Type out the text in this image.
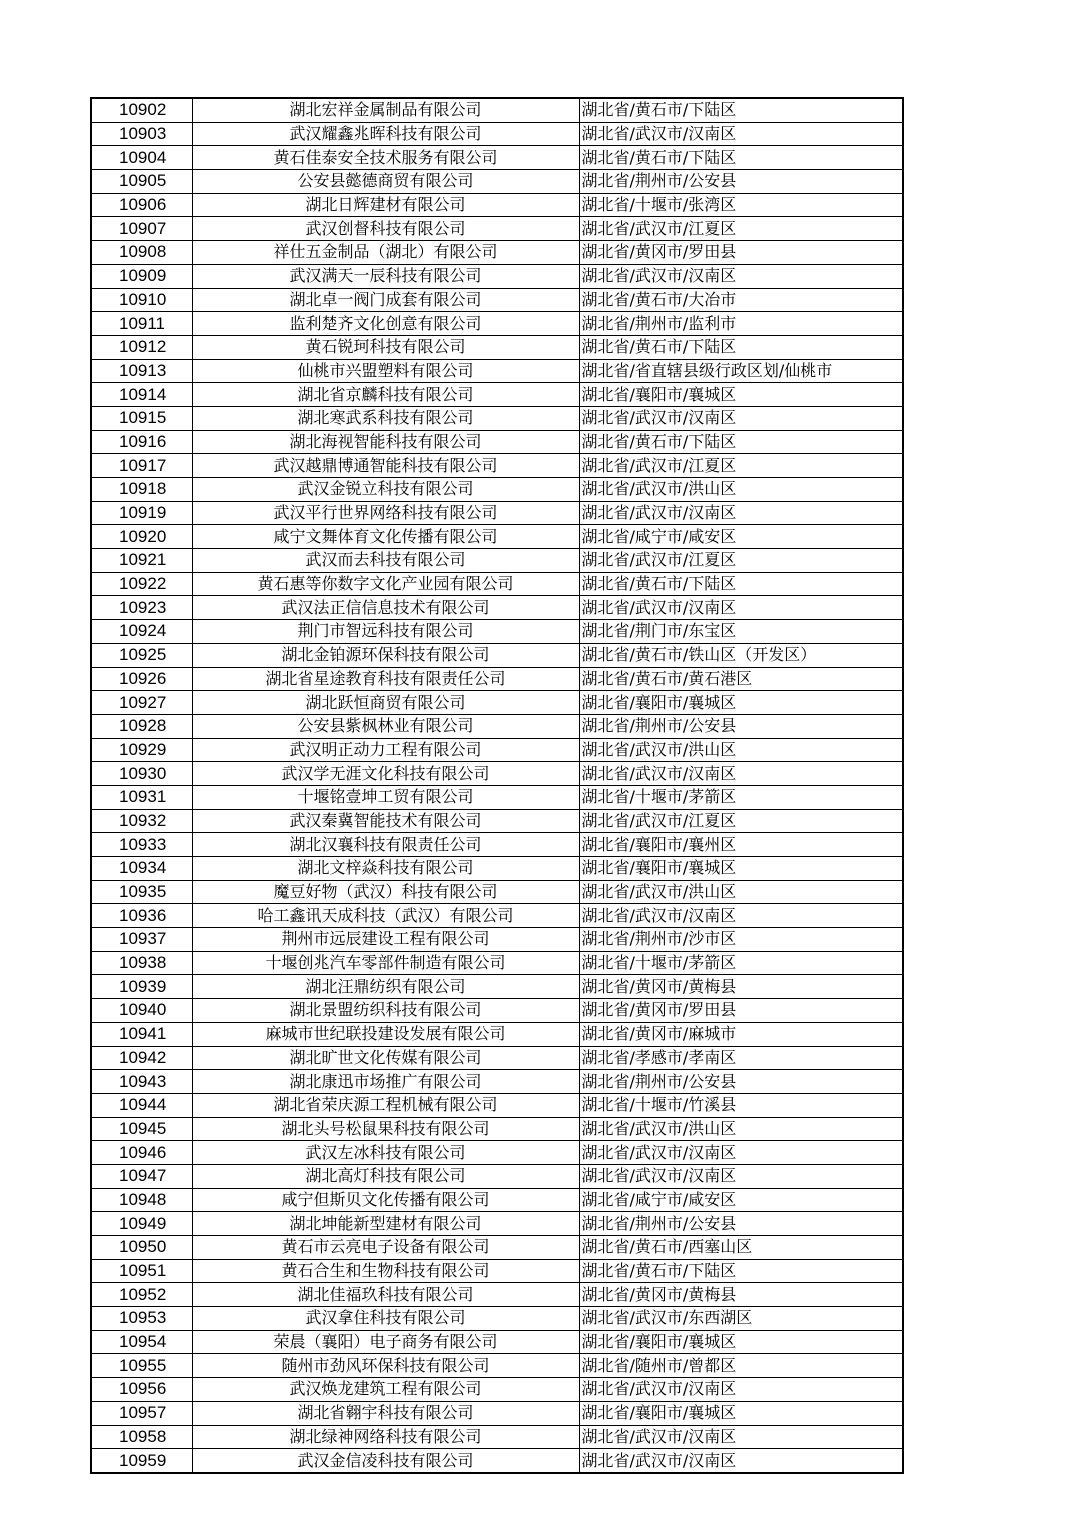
10902	湖北宏祥金属制品有限公司	湖北省/黄石市/下陆区
10903	武汉耀鑫兆晖科技有限公司	湖北省/武汉市/汉南区
10904	黄石佳泰安全技术服务有限公司	湖北省/黄石市/下陆区
10905	公安县懿德商贸有限公司	湖北省/荆州市/公安县
10906	湖北日辉建材有限公司	湖北省/十堰市/张湾区
10907	武汉创督科技有限公司	湖北省/武汉市/江夏区
10908	祥仕五金制品（湖北）有限公司	湖北省/黄冈市/罗田县
10909	武汉满天一辰科技有限公司	湖北省/武汉市/汉南区
10910	湖北卓一阀门成套有限公司	湖北省/黄石市/大冶市
10911	监利楚齐文化创意有限公司	湖北省/荆州市/监利市
10912	黄石锐珂科技有限公司	湖北省/黄石市/下陆区
10913	仙桃市兴盟塑料有限公司	湖北省/省直辖县级行政区划/仙桃市
10914	湖北省京麟科技有限公司	湖北省/襄阳市/襄城区
10915	湖北寒武系科技有限公司	湖北省/武汉市/汉南区
10916	湖北海视智能科技有限公司	湖北省/黄石市/下陆区
10917	武汉越鼎博通智能科技有限公司	湖北省/武汉市/江夏区
10918	武汉金锐立科技有限公司	湖北省/武汉市/洪山区
10919	武汉平行世界网络科技有限公司	湖北省/武汉市/汉南区
10920	咸宁文舞体育文化传播有限公司	湖北省/咸宁市/咸安区
10921	武汉而去科技有限公司	湖北省/武汉市/江夏区
10922	黄石惠等你数字文化产业园有限公司	湖北省/黄石市/下陆区
10923	武汉法正信信息技术有限公司	湖北省/武汉市/汉南区
10924	荆门市智远科技有限公司	湖北省/荆门市/东宝区
10925	湖北金铂源环保科技有限公司	湖北省/黄石市/铁山区（开发区）
10926	湖北省星途教育科技有限责任公司	湖北省/黄石市/黄石港区
10927	湖北跃恒商贸有限公司	湖北省/襄阳市/襄城区
10928	公安县紫枫林业有限公司	湖北省/荆州市/公安县
10929	武汉明正动力工程有限公司	湖北省/武汉市/洪山区
10930	武汉学无涯文化科技有限公司	湖北省/武汉市/汉南区
10931	十堰铭壹坤工贸有限公司	湖北省/十堰市/茅箭区
10932	武汉秦冀智能技术有限公司	湖北省/武汉市/江夏区
10933	湖北汉襄科技有限责任公司	湖北省/襄阳市/襄州区
10934	湖北文梓焱科技有限公司	湖北省/襄阳市/襄城区
10935	魔豆好物（武汉）科技有限公司	湖北省/武汉市/洪山区
10936	哈工鑫讯天成科技（武汉）有限公司	湖北省/武汉市/汉南区
10937	荆州市远辰建设工程有限公司	湖北省/荆州市/沙市区
10938	十堰创兆汽车零部件制造有限公司	湖北省/十堰市/茅箭区
10939	湖北汪鼎纺织有限公司	湖北省/黄冈市/黄梅县
10940	湖北景盟纺织科技有限公司	湖北省/黄冈市/罗田县
10941	麻城市世纪联投建设发展有限公司	湖北省/黄冈市/麻城市
10942	湖北旷世文化传媒有限公司	湖北省/孝感市/孝南区
10943	湖北康迅市场推广有限公司	湖北省/荆州市/公安县
10944	湖北省荣庆源工程机械有限公司	湖北省/十堰市/竹溪县
10945	湖北头号松鼠果科技有限公司	湖北省/武汉市/洪山区
10946	武汉左冰科技有限公司	湖北省/武汉市/汉南区
10947	湖北高灯科技有限公司	湖北省/武汉市/汉南区
10948	咸宁但斯贝文化传播有限公司	湖北省/咸宁市/咸安区
10949	湖北坤能新型建材有限公司	湖北省/荆州市/公安县
10950	黄石市云亮电子设备有限公司	湖北省/黄石市/西塞山区
10951	黄石合生和生物科技有限公司	湖北省/黄石市/下陆区
10952	湖北佳福玖科技有限公司	湖北省/黄冈市/黄梅县
10953	武汉拿住科技有限公司	湖北省/武汉市/东西湖区
10954	荣晨（襄阳）电子商务有限公司	湖北省/襄阳市/襄城区
10955	随州市劲风环保科技有限公司	湖北省/随州市/曾都区
10956	武汉焕龙建筑工程有限公司	湖北省/武汉市/汉南区
10957	湖北省翱宇科技有限公司	湖北省/襄阳市/襄城区
10958	湖北绿神网络科技有限公司	湖北省/武汉市/汉南区
10959	武汉金信凌科技有限公司	湖北省/武汉市/汉南区
